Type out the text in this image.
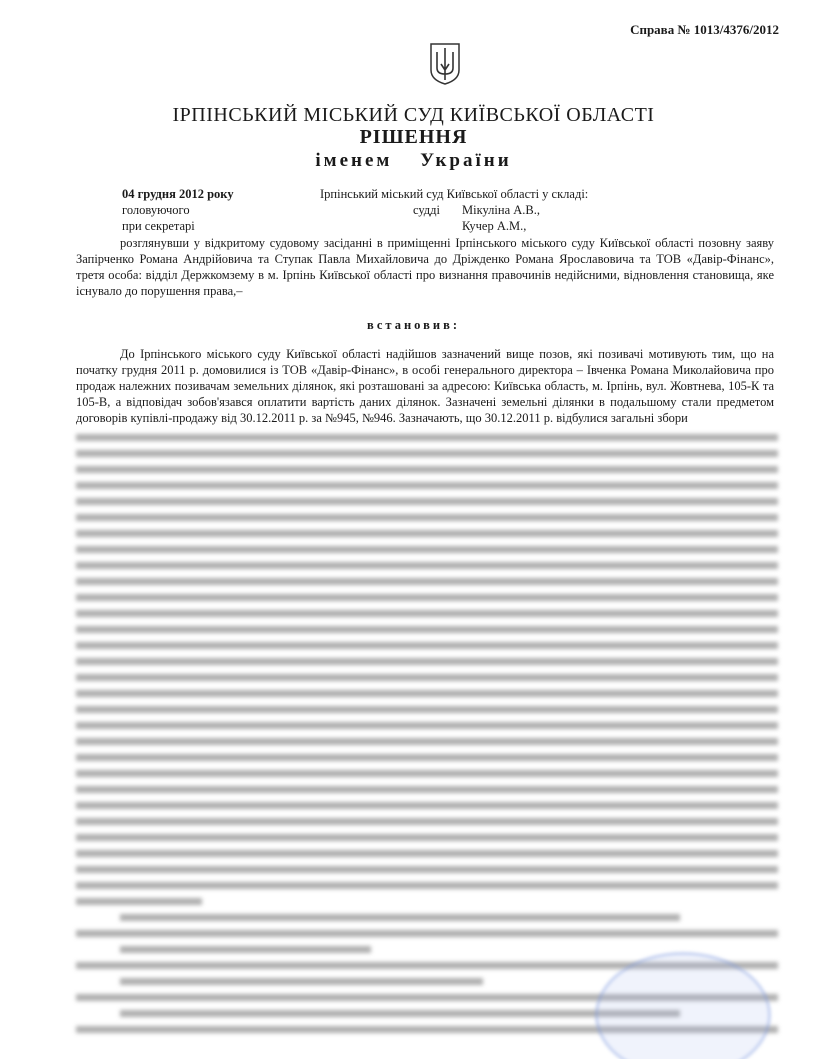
Справа № 1013/4376/2012
ІРПІНСЬКИЙ МІСЬКИЙ СУД КИЇВСЬКОЇ ОБЛАСТІ
РІШЕННЯ
іменем України
04 грудня 2012 року
головуючого
при секретарі
Ірпінський міський суд Київської області у складі:
судді	Мікуліна А.В.,
Кучер А.М.,

розглянувши у відкритому судовому засіданні в приміщенні Ірпінського міського суду Київської області позовну заяву Запірченко Романа Андрійовича та Ступак Павла Михайловича до Дріжденко Романа Ярославовича та ТОВ «Давір-Фінанс», третя особа: відділ Держкомзему в м. Ірпінь Київської області про визнання правочинів недійсними, відновлення становища, яке існувало до порушення права,–

встановив:

До Ірпінського міського суду Київської області надійшов зазначений вище позов, які позивачі мотивують тим, що на початку грудня 2011 р. домовилися із ТОВ «Давір-Фінанс», в особі генерального директора – Івченка Романа Миколайовича про продаж належних позивачам земельних ділянок, які розташовані за адресою: Київська область, м. Ірпінь, вул. Жовтнева, 105-К та 105-В, а відповідач зобов'язався оплатити вартість даних ділянок. Зазначені земельні ділянки в подальшому стали предметом договорів купівлі-продажу від 30.12.2011 р. за №945, №946. Зазначають, що 30.12.2011 р. відбулися загальні збори
